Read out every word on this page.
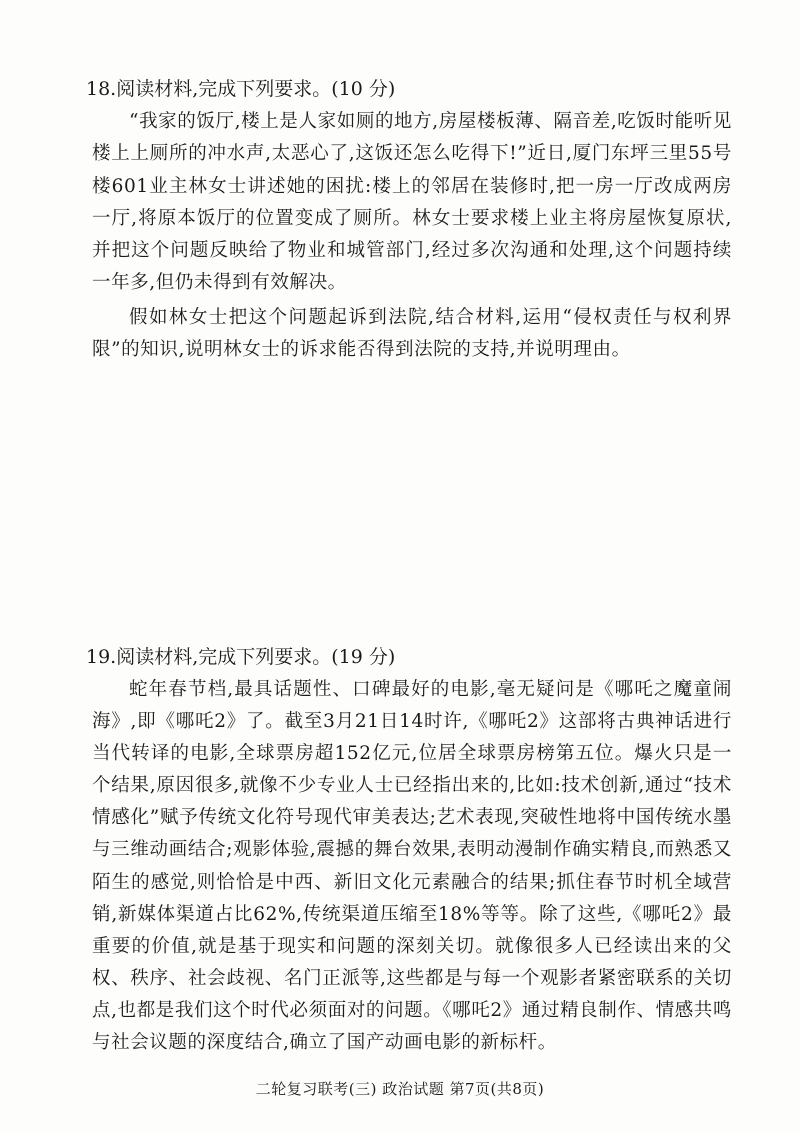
18.阅读材料,完成下列要求。(10 分)

“我家的饭厅,楼上是人家如厕的地方,房屋楼板薄、隔音差,吃饭时能听见楼上上厕所的冲水声,太恶心了,这饭还怎么吃得下!”近日,厦门东坪三里55号楼601业主林女士讲述她的困扰:楼上的邻居在装修时,把一房一厅改成两房一厅,将原本饭厅的位置变成了厕所。林女士要求楼上业主将房屋恢复原状,并把这个问题反映给了物业和城管部门,经过多次沟通和处理,这个问题持续一年多,但仍未得到有效解决。

假如林女士把这个问题起诉到法院,结合材料,运用“侵权责任与权利界限”的知识,说明林女士的诉求能否得到法院的支持,并说明理由。

19.阅读材料,完成下列要求。(19 分)

蛇年春节档,最具话题性、口碑最好的电影,毫无疑问是《哪吒之魔童闹海》,即《哪吒2》了。截至3月21日14时许,《哪吒2》这部将古典神话进行当代转译的电影,全球票房超152亿元,位居全球票房榜第五位。爆火只是一个结果,原因很多,就像不少专业人士已经指出来的,比如:技术创新,通过“技术情感化”赋予传统文化符号现代审美表达;艺术表现,突破性地将中国传统水墨与三维动画结合;观影体验,震撼的舞台效果,表明动漫制作确实精良,而熟悉又陌生的感觉,则恰恰是中西、新旧文化元素融合的结果;抓住春节时机全域营销,新媒体渠道占比62%,传统渠道压缩至18%等等。除了这些,《哪吒2》最重要的价值,就是基于现实和问题的深刻关切。就像很多人已经读出来的父权、秩序、社会歧视、名门正派等,这些都是与每一个观影者紧密联系的关切点,也都是我们这个时代必须面对的问题。《哪吒2》通过精良制作、情感共鸣与社会议题的深度结合,确立了国产动画电影的新标杆。

二轮复习联考(三) 政治试题 第7页(共8页)
